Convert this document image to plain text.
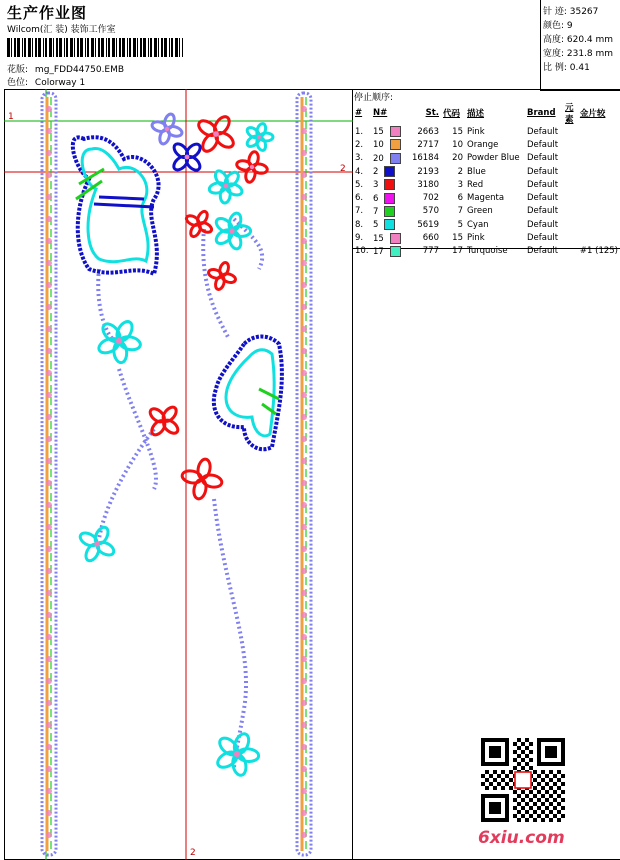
生产作业图
Wilcom(汇 装) 装饰工作室
花版: mg_FDD44750.EMB
色位: Colorway 1
针 迹: 35267
颜色: 9
高度: 620.4 mm
宽度: 231.8 mm
比 例: 0.41
停止顺序:
#	N#	St.	代码	描述	Brand	元素	金片较
1.	15	2663	15	Pink	Default		
2.	10	2717	10	Orange	Default		
3.	20	16184	20	Powder Blue	Default		
4.	2	2193	2	Blue	Default		
5.	3	3180	3	Red	Default		
6.	6	702	6	Magenta	Default		
7.	7	570	7	Green	Default		
8.	5	5619	5	Cyan	Default		
9.	15	660	15	Pink	Default		
10.	17	777	17	Turquoise	Default		#1 (125)
1
2
2
6xiu.com
